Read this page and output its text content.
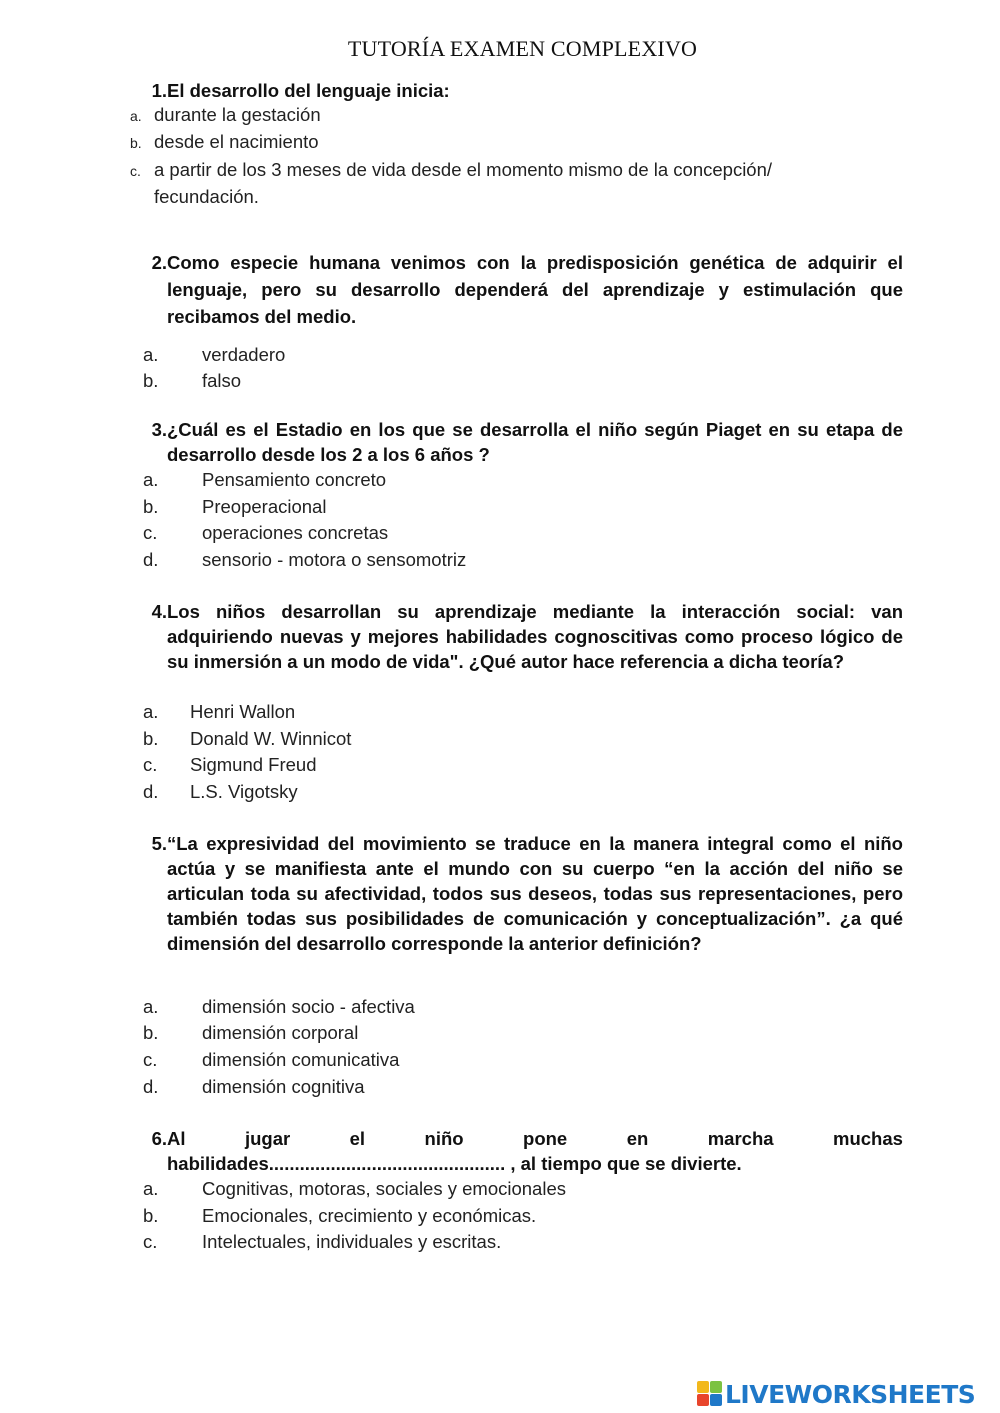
TUTORÍA EXAMEN COMPLEXIVO
1. El desarrollo del lenguaje inicia:
a. durante la gestación
b. desde el nacimiento
c. a partir de los 3 meses de vida desde el momento mismo de la concepción/ fecundación.
2. Como especie humana venimos con la predisposición genética de adquirir el lenguaje, pero su desarrollo dependerá del aprendizaje y estimulación que recibamos del medio.
a. verdadero
b. falso
3. ¿Cuál es el Estadio en los que se desarrolla el niño según Piaget en su etapa de desarrollo desde los 2 a los 6 años ?
a. Pensamiento concreto
b. Preoperacional
c. operaciones concretas
d. sensorio - motora o sensomotriz
4. Los niños desarrollan su aprendizaje mediante la interacción social: van adquiriendo nuevas y mejores habilidades cognoscitivas como proceso lógico de su inmersión a un modo de vida". ¿Qué autor hace referencia a dicha teoría?
a. Henri Wallon
b. Donald W. Winnicot
c. Sigmund Freud
d. L.S. Vigotsky
5. “La expresividad del movimiento se traduce en la manera integral como el niño actúa y se manifiesta ante el mundo con su cuerpo “en la acción del niño se articulan toda su afectividad, todos sus deseos, todas sus representaciones, pero también todas sus posibilidades de comunicación y conceptualización”. ¿a qué dimensión del desarrollo corresponde la anterior definición?
a. dimensión socio - afectiva
b. dimensión corporal
c. dimensión comunicativa
d. dimensión cognitiva
6. Al	jugar	el	niño	pone	en	marcha	muchas
habilidades.............................................. , al tiempo que se divierte.
a. Cognitivas, motoras, sociales y emocionales
b. Emocionales, crecimiento y económicas.
c. Intelectuales, individuales y escritas.
LIVEWORKSHEETS
